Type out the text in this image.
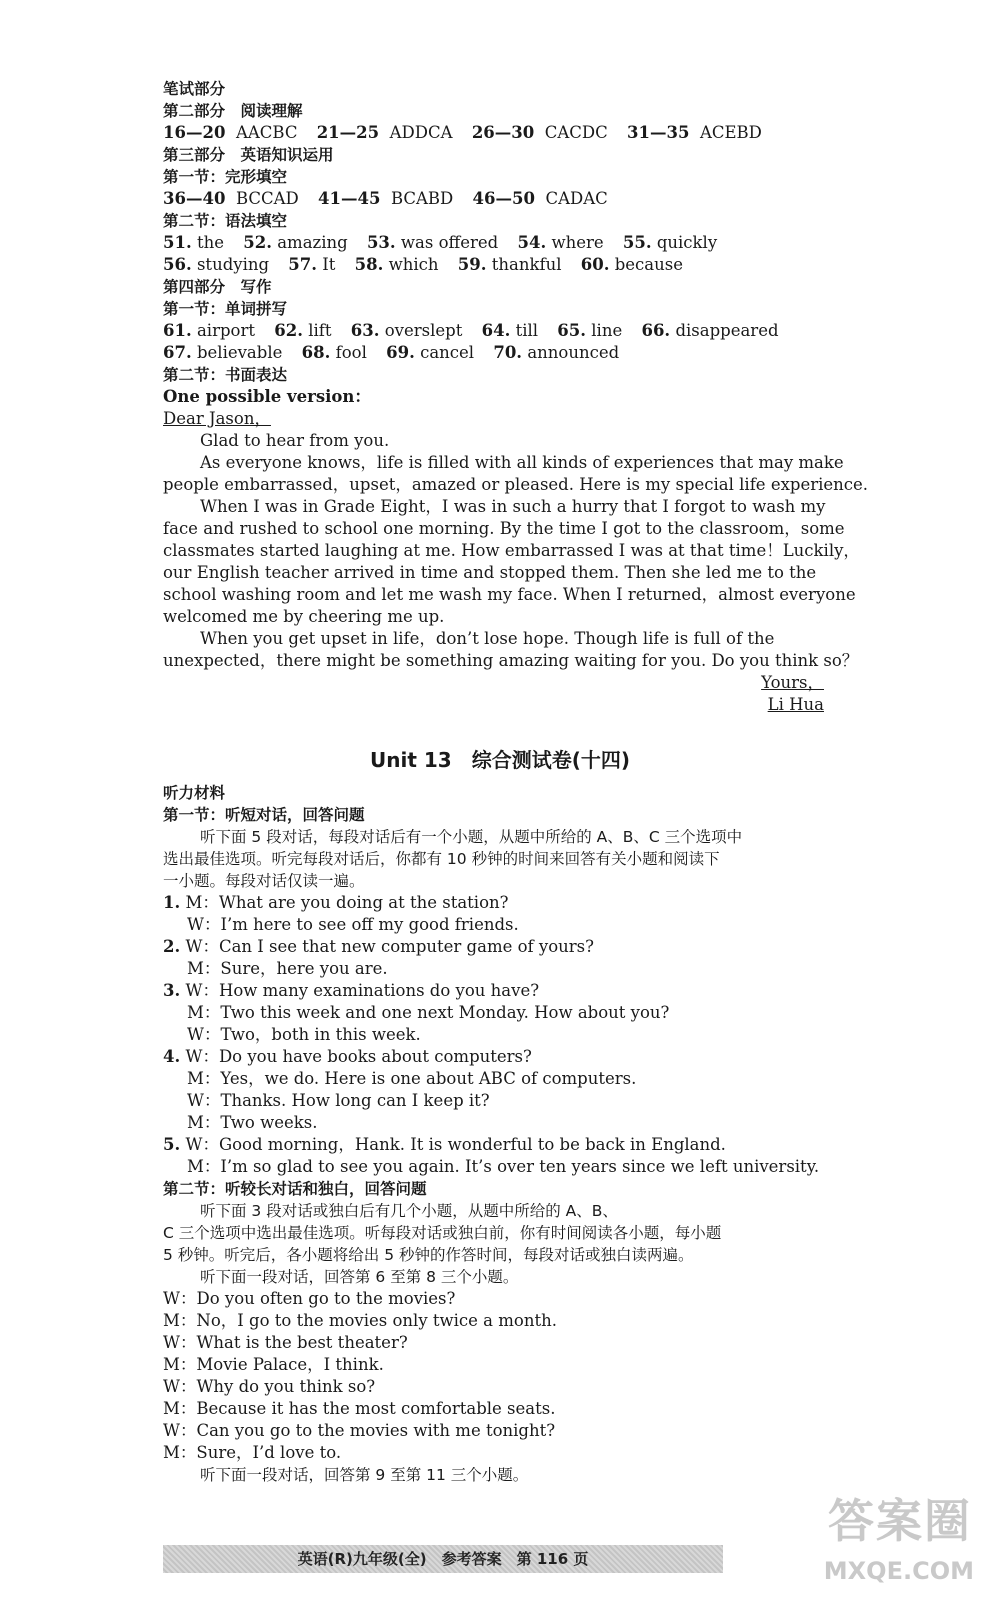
笔试部分
第二部分　阅读理解
16—20 AACBC 21—25 ADDCA 26—30 CACDC 31—35 ACEBD
第三部分　英语知识运用
第一节：完形填空
36—40 BCCAD 41—45 BCABD 46—50 CADAC
第二节：语法填空
51. the 52. amazing 53. was offered 54. where 55. quickly
56. studying 57. It 58. which 59. thankful 60. because
第四部分　写作
第一节：单词拼写
61. airport 62. lift 63. overslept 64. till 65. line 66. disappeared
67. believable 68. fool 69. cancel 70. announced
第二节：书面表达
One possible version：
Dear Jason，
Glad to hear from you.
As everyone knows，life is filled with all kinds of experiences that may make
people embarrassed，upset，amazed or pleased. Here is my special life experience.
When I was in Grade Eight，I was in such a hurry that I forgot to wash my
face and rushed to school one morning. By the time I got to the classroom，some
classmates started laughing at me. How embarrassed I was at that time！Luckily，
our English teacher arrived in time and stopped them. Then she led me to the
school washing room and let me wash my face. When I returned，almost everyone
welcomed me by cheering me up.
When you get upset in life，don’t lose hope. Though life is full of the
unexpected，there might be something amazing waiting for you. Do you think so？
Yours，
Li Hua
Unit 13　综合测试卷(十四)
听力材料
第一节：听短对话，回答问题
听下面 5 段对话，每段对话后有一个小题，从题中所给的 A、B、C 三个选项中
选出最佳选项。听完每段对话后，你都有 10 秒钟的时间来回答有关小题和阅读下
一小题。每段对话仅读一遍。
1. M：What are you doing at the station?
W：I’m here to see off my good friends.
2. W：Can I see that new computer game of yours?
M：Sure，here you are.
3. W：How many examinations do you have?
M：Two this week and one next Monday. How about you?
W：Two，both in this week.
4. W：Do you have books about computers?
M：Yes，we do. Here is one about ABC of computers.
W：Thanks. How long can I keep it?
M：Two weeks.
5. W：Good morning，Hank. It is wonderful to be back in England.
M：I’m so glad to see you again. It’s over ten years since we left university.
第二节：听较长对话和独白，回答问题
听下面 3 段对话或独白后有几个小题，从题中所给的 A、B、
C 三个选项中选出最佳选项。听每段对话或独白前，你有时间阅读各小题，每小题
5 秒钟。听完后，各小题将给出 5 秒钟的作答时间，每段对话或独白读两遍。
听下面一段对话，回答第 6 至第 8 三个小题。
W：Do you often go to the movies?
M：No，I go to the movies only twice a month.
W：What is the best theater?
M：Movie Palace，I think.
W：Why do you think so?
M：Because it has the most comfortable seats.
W：Can you go to the movies with me tonight?
M：Sure，I’d love to.
听下面一段对话，回答第 9 至第 11 三个小题。
英语(R)九年级(全)　参考答案　第 116 页
答案圈
MXQE.COM
